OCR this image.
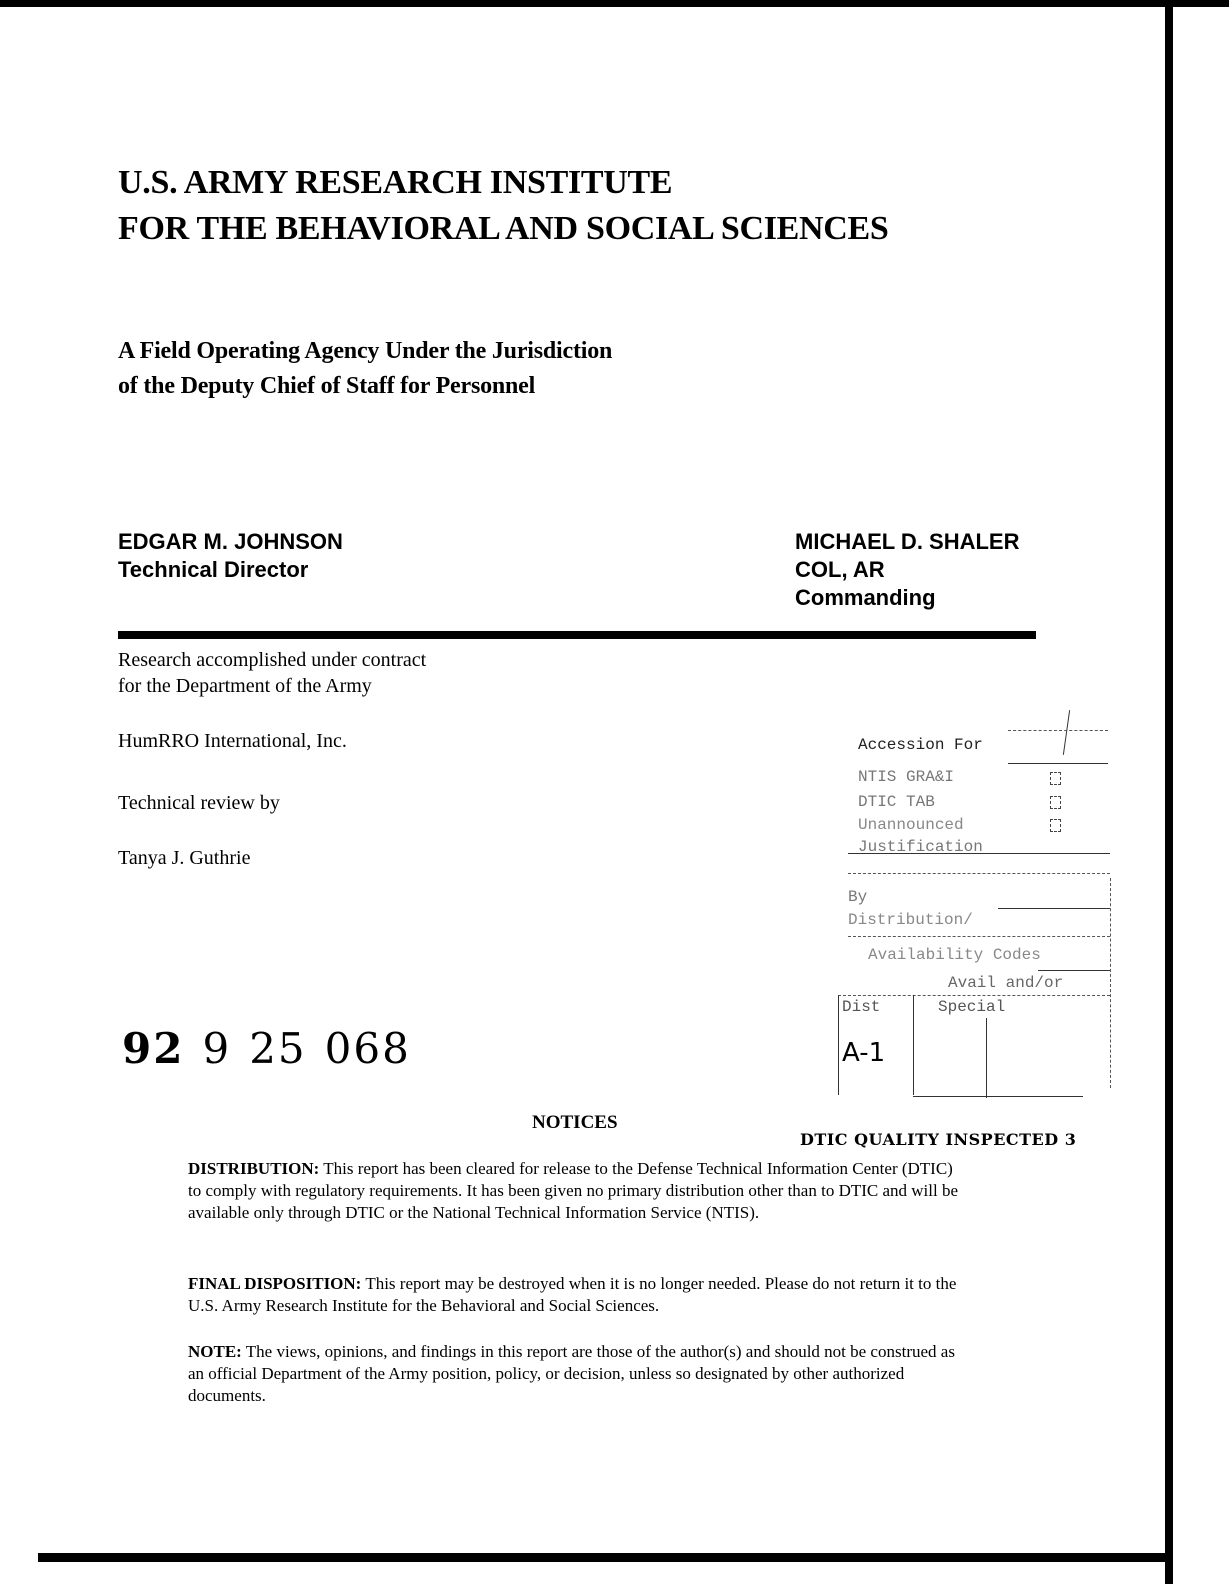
U.S. ARMY RESEARCH INSTITUTE
FOR THE BEHAVIORAL AND SOCIAL SCIENCES
A Field Operating Agency Under the Jurisdiction
of the Deputy Chief of Staff for Personnel
EDGAR M. JOHNSON
Technical Director
MICHAEL D. SHALER
COL, AR
Commanding
Research accomplished under contract
for the Department of the Army
HumRRO International, Inc.
Technical review by
Tanya J. Guthrie
92 9 25 068
Accession For
NTIS GRA&I
DTIC TAB
Unannounced
Justification
By
Distribution/
Availability Codes
Avail and/or
Dist	Special
A-1
NOTICES
DTIC QUALITY INSPECTED 3
DISTRIBUTION: This report has been cleared for release to the Defense Technical Information Center (DTIC) to comply with regulatory requirements. It has been given no primary distribution other than to DTIC and will be available only through DTIC or the National Technical Information Service (NTIS).
FINAL DISPOSITION: This report may be destroyed when it is no longer needed. Please do not return it to the U.S. Army Research Institute for the Behavioral and Social Sciences.
NOTE: The views, opinions, and findings in this report are those of the author(s) and should not be construed as an official Department of the Army position, policy, or decision, unless so designated by other authorized documents.
